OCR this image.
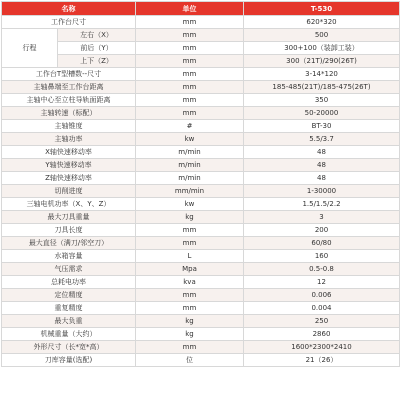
名称		单位	T-530
工作台尺寸		mm	620*320
行程	左右（X）	mm	500
	前后（Y）	mm	300+100（装卸工装）
	上下（Z）	mm	300（21T)/290(26T)
工作台T型槽数--尺寸		mm	3-14*120
主轴鼻端至工作台距离		mm	185-485(21T)/185-475(26T)
主轴中心至立柱导轨面距离		mm	350
主轴转速（标配）		mm	50-20000
主轴锥度		#	BT-30
主轴功率		kw	5.5/3.7
X轴快速移动率		m/min	48
Y轴快速移动率		m/min	48
Z轴快速移动率		m/min	48
切削进度		mm/min	1-30000
三轴电机功率（X、Y、Z）		kw	1.5/1.5/2.2
最大刀具重量		kg	3
刀具长度		mm	200
最大直径（满刀/邻空刀）		mm	60/80
水箱容量		L	160
气压需求		Mpa	0.5-0.8
总耗电功率		kva	12
定位精度		mm	0.006
重复精度		mm	0.004
最大负重		kg	250
机械重量（大约）		kg	2860
外形尺寸（长*宽*高）		mm	1600*2300*2410
刀库容量(选配)		位	21（26）
